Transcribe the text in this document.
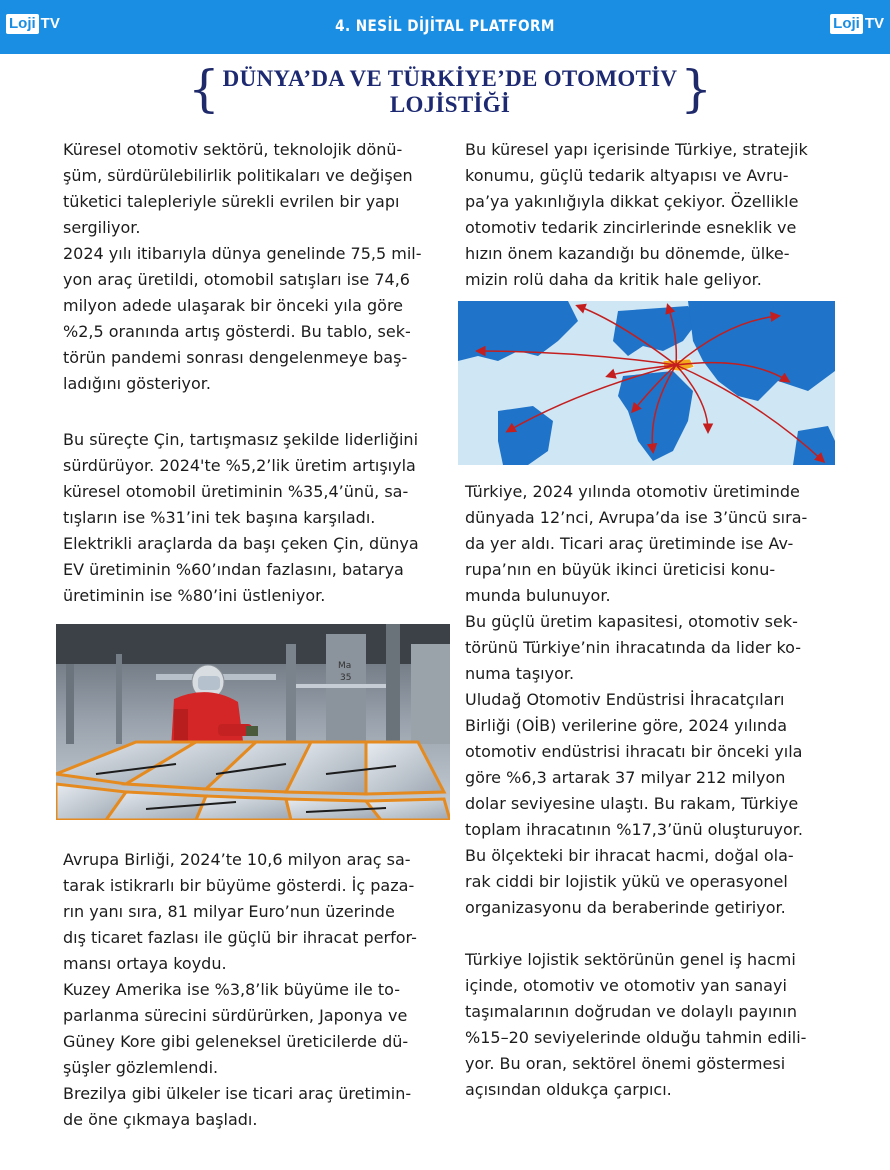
Loji TV	4. NESİL DİJİTAL PLATFORM	Loji TV
{ DÜNYA’DA VE TÜRKİYE’DE OTOMOTİV
LOJİSTİĞİ	}

Küresel otomotiv sektörü, teknolojik dönü-
şüm, sürdürülebilirlik politikaları ve değişen
tüketici talepleriyle sürekli evrilen bir yapı
sergiliyor.
2024 yılı itibarıyla dünya genelinde 75,5 mil-
yon araç üretildi, otomobil satışları ise 74,6
milyon adede ulaşarak bir önceki yıla göre
%2,5 oranında artış gösterdi. Bu tablo, sek-
törün pandemi sonrası dengelenmeye baş-
ladığını gösteriyor.

Bu süreçte Çin, tartışmasız şekilde liderliğini
sürdürüyor. 2024'te %5,2’lik üretim artışıyla
küresel otomobil üretiminin %35,4’ünü, sa-
tışların ise %31’ini tek başına karşıladı.
Elektrikli araçlarda da başı çeken Çin, dünya
EV üretiminin %60’ından fazlasını, batarya
üretiminin ise %80’ini üstleniyor.

Ma
35

Avrupa Birliği, 2024’te 10,6 milyon araç sa-
tarak istikrarlı bir büyüme gösterdi. İç paza-
rın yanı sıra, 81 milyar Euro’nun üzerinde
dış ticaret fazlası ile güçlü bir ihracat perfor-
mansı ortaya koydu.
Kuzey Amerika ise %3,8’lik büyüme ile to-
parlanma sürecini sürdürürken, Japonya ve
Güney Kore gibi geleneksel üreticilerde dü-
şüşler gözlemlendi.
Brezilya gibi ülkeler ise ticari araç üretimin-
de öne çıkmaya başladı.

Bu küresel yapı içerisinde Türkiye, stratejik
konumu, güçlü tedarik altyapısı ve Avru-
pa’ya yakınlığıyla dikkat çekiyor. Özellikle
otomotiv tedarik zincirlerinde esneklik ve
hızın önem kazandığı bu dönemde, ülke-
mizin rolü daha da kritik hale geliyor.

Türkiye, 2024 yılında otomotiv üretiminde
dünyada 12’nci, Avrupa’da ise 3’üncü sıra-
da yer aldı. Ticari araç üretiminde ise Av-
rupa’nın en büyük ikinci üreticisi konu-
munda bulunuyor.
Bu güçlü üretim kapasitesi, otomotiv sek-
törünü Türkiye’nin ihracatında da lider ko-
numa taşıyor.
Uludağ Otomotiv Endüstrisi İhracatçıları
Birliği (OİB) verilerine göre, 2024 yılında
otomotiv endüstrisi ihracatı bir önceki yıla
göre %6,3 artarak 37 milyar 212 milyon
dolar seviyesine ulaştı. Bu rakam, Türkiye
toplam ihracatının %17,3’ünü oluşturuyor.
Bu ölçekteki bir ihracat hacmi, doğal ola-
rak ciddi bir lojistik yükü ve operasyonel
organizasyonu da beraberinde getiriyor.

Türkiye lojistik sektörünün genel iş hacmi
içinde, otomotiv ve otomotiv yan sanayi
taşımalarının doğrudan ve dolaylı payının
%15–20 seviyelerinde olduğu tahmin edili-
yor. Bu oran, sektörel önemi göstermesi
açısından oldukça çarpıcı.
